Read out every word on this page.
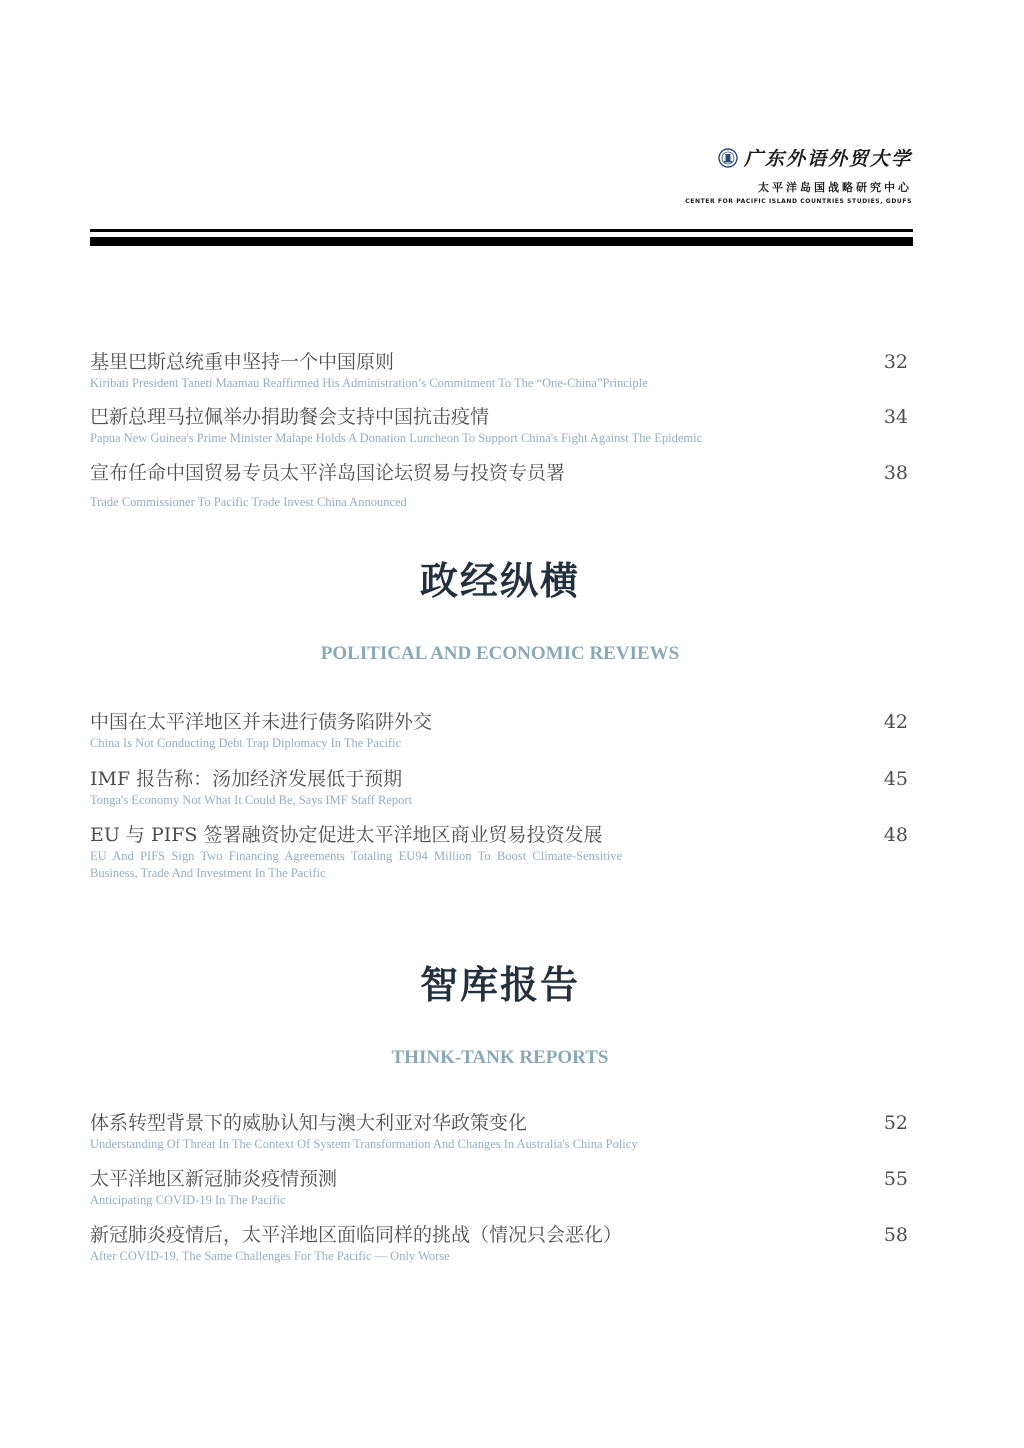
广东外语外贸大学
太平洋岛国战略研究中心
CENTER FOR PACIFIC ISLAND COUNTRIES STUDIES, GDUFS
基里巴斯总统重申坚持一个中国原则
Kiribati President Taneti Maamau Reaffirmed His Administration’s Commitment To The “One-China”Principle
32
巴新总理马拉佩举办捐助餐会支持中国抗击疫情
Papua New Guinea's Prime Minister Malape Holds A Donation Luncheon To Support China's Fight Against The Epidemic
34
宣布任命中国贸易专员太平洋岛国论坛贸易与投资专员署
Trade Commissioner To Pacific Trade Invest China Announced
38
政经纵横
POLITICAL AND ECONOMIC REVIEWS
中国在太平洋地区并未进行债务陷阱外交
China Is Not Conducting Debt Trap Diplomacy In The Pacific
42
IMF 报告称：汤加经济发展低于预期
Tonga's Economy Not What It Could Be, Says IMF Staff Report
45
EU 与 PIFS 签署融资协定促进太平洋地区商业贸易投资发展
EU And PIFS Sign Two Financing Agreements Totaling EU94 Million To Boost Climate-Sensitive Business, Trade And Investment In The Pacific
48
智库报告
THINK-TANK REPORTS
体系转型背景下的威胁认知与澳大利亚对华政策变化
Understanding Of Threat In The Context Of System Transformation And Changes In Australia's China Policy
52
太平洋地区新冠肺炎疫情预测
Anticipating COVID-19 In The Pacific
55
新冠肺炎疫情后，太平洋地区面临同样的挑战（情况只会恶化）
After COVID-19, The Same Challenges For The Pacific — Only Worse
58
